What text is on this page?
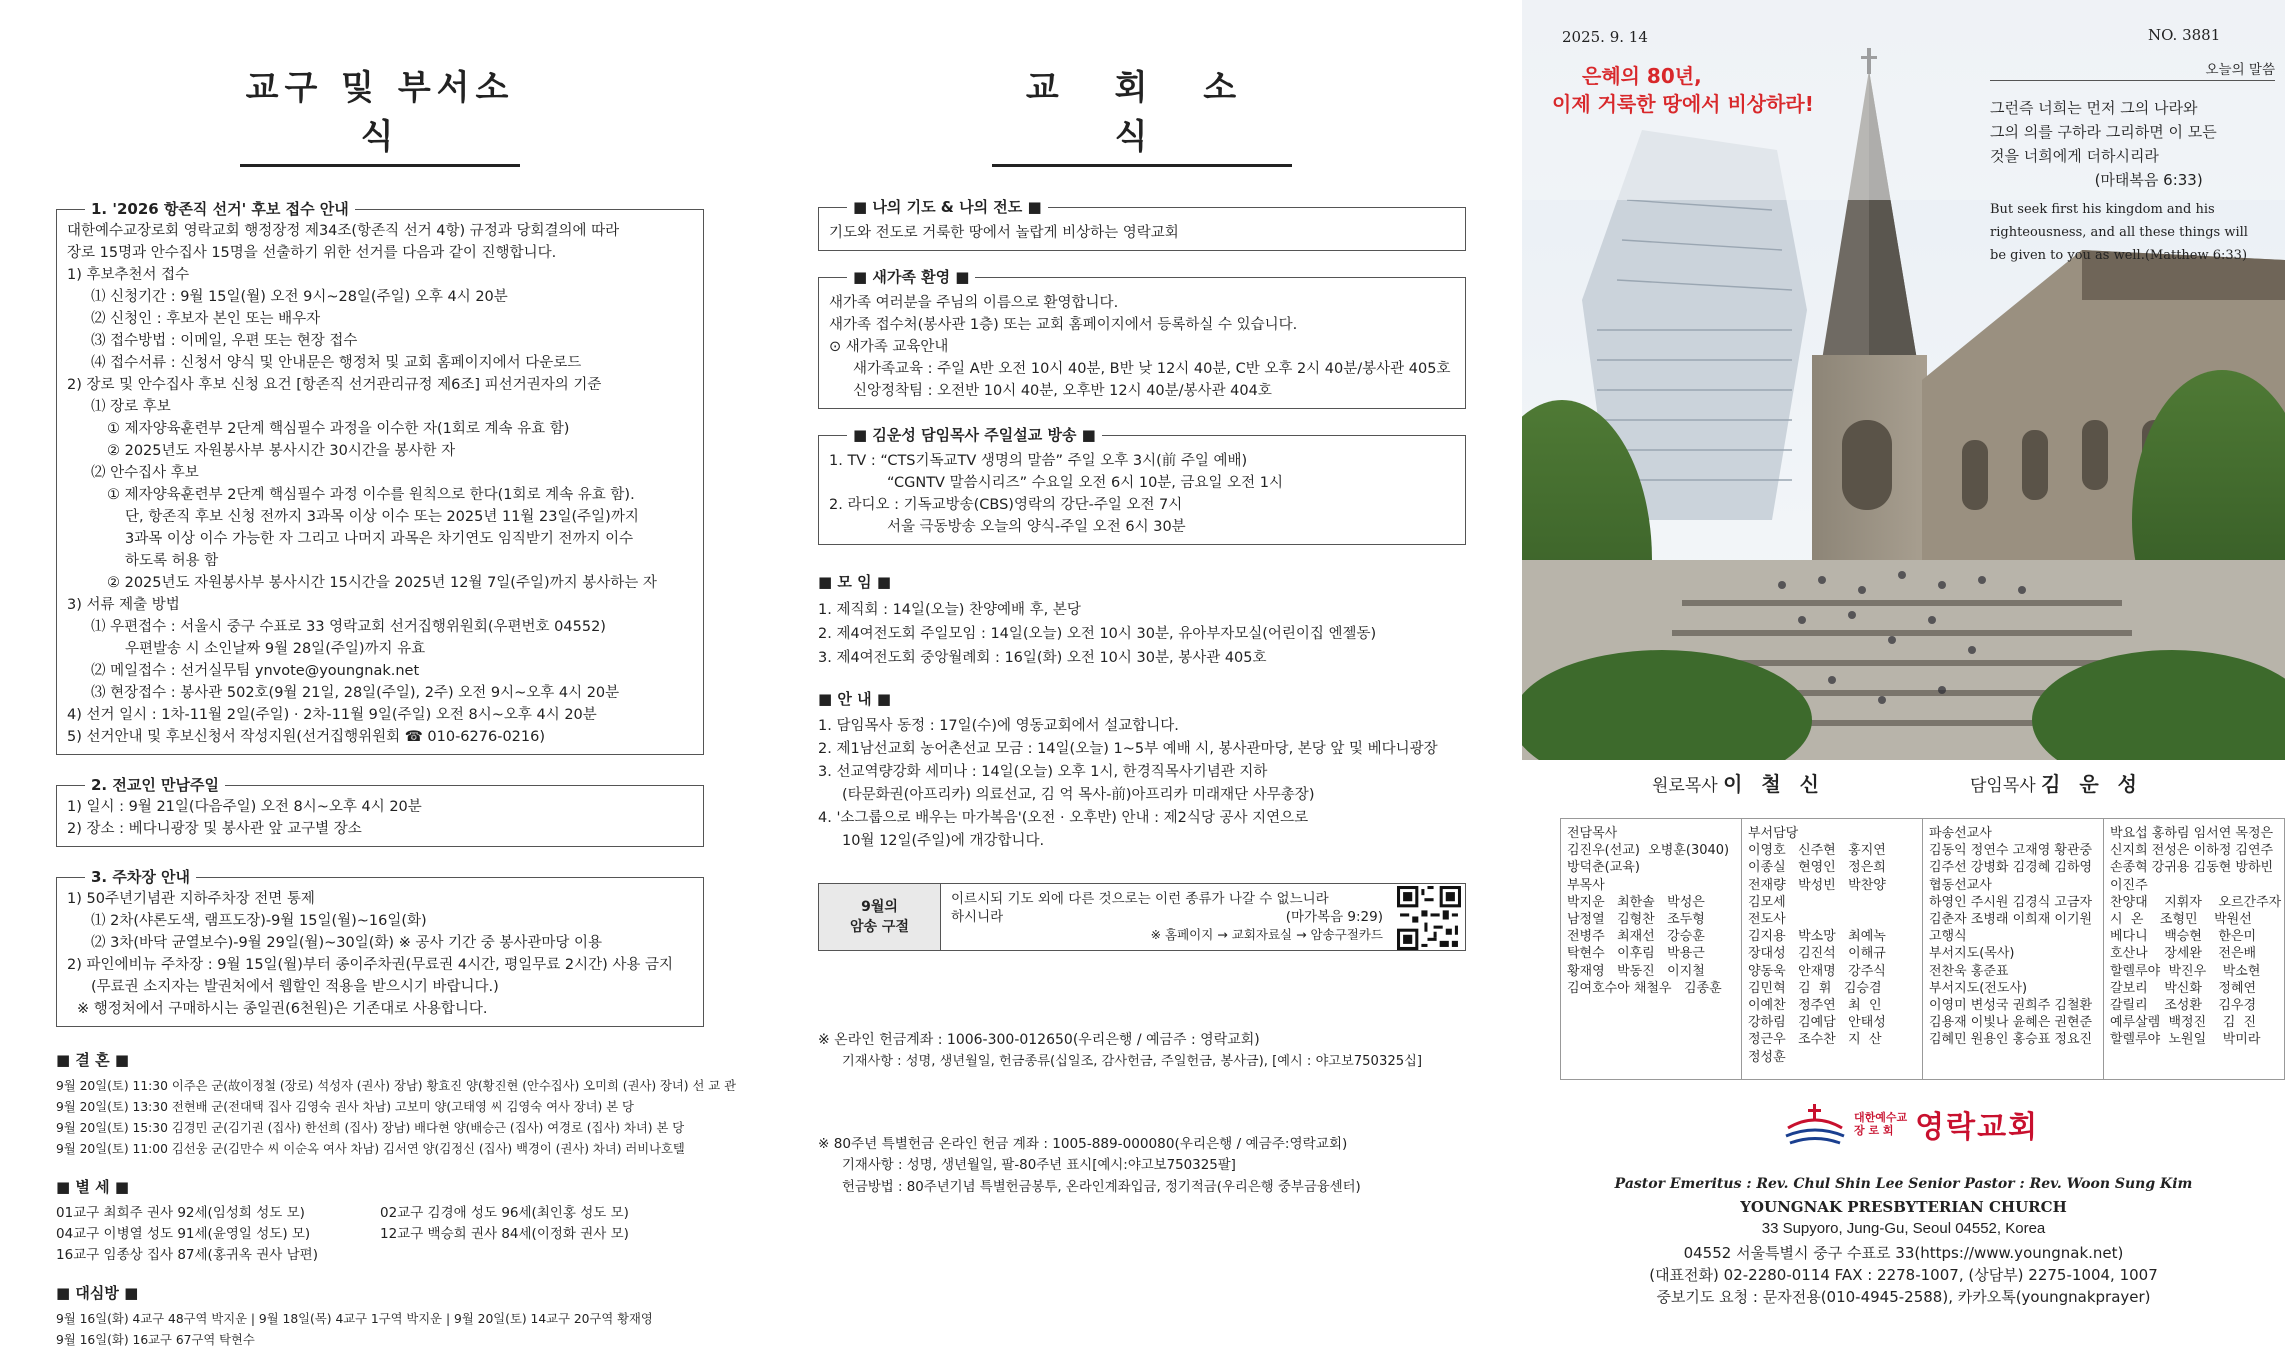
교구 및 부서소식
1. '2026 항존직 선거' 후보 접수 안내
대한예수교장로회 영락교회 행정장정 제34조(항존직 선거 4항) 규정과 당회결의에 따라
장로 15명과 안수집사 15명을 선출하기 위한 선거를 다음과 같이 진행합니다.
1) 후보추천서 접수
⑴ 신청기간 : 9월 15일(월) 오전 9시~28일(주일) 오후 4시 20분
⑵ 신청인 : 후보자 본인 또는 배우자
⑶ 접수방법 : 이메일, 우편 또는 현장 접수
⑷ 접수서류 : 신청서 양식 및 안내문은 행정처 및 교회 홈페이지에서 다운로드
2) 장로 및 안수집사 후보 신청 요건 [항존직 선거관리규정 제6조] 피선거권자의 기준
⑴ 장로 후보
① 제자양육훈련부 2단계 핵심필수 과정을 이수한 자(1회로 계속 유효 함)
② 2025년도 자원봉사부 봉사시간 30시간을 봉사한 자
⑵ 안수집사 후보
① 제자양육훈련부 2단계 핵심필수 과정 이수를 원칙으로 한다(1회로 계속 유효 함).
단, 항존직 후보 신청 전까지 3과목 이상 이수 또는 2025년 11월 23일(주일)까지
3과목 이상 이수 가능한 자 그리고 나머지 과목은 차기연도 임직받기 전까지 이수
하도록 허용 함
② 2025년도 자원봉사부 봉사시간 15시간을 2025년 12월 7일(주일)까지 봉사하는 자
3) 서류 제출 방법
⑴ 우편접수 : 서울시 중구 수표로 33 영락교회 선거집행위원회(우편번호 04552)
우편발송 시 소인날짜 9월 28일(주일)까지 유효
⑵ 메일접수 : 선거실무팀 ynvote@youngnak.net
⑶ 현장접수 : 봉사관 502호(9월 21일, 28일(주일), 2주) 오전 9시~오후 4시 20분
4) 선거 일시 : 1차-11월 2일(주일) · 2차-11월 9일(주일) 오전 8시~오후 4시 20분
5) 선거안내 및 후보신청서 작성지원(선거집행위원회 ☎ 010-6276-0216)
2. 전교인 만남주일
1) 일시 : 9월 21일(다음주일) 오전 8시~오후 4시 20분
2) 장소 : 베다니광장 및 봉사관 앞 교구별 장소
3. 주차장 안내
1) 50주년기념관 지하주차장 전면 통제
⑴ 2차(샤론도색, 램프도장)-9월 15일(월)~16일(화)
⑵ 3차(바닥 균열보수)-9월 29일(월)~30일(화) ※ 공사 기간 중 봉사관마당 이용
2) 파인에비뉴 주차장 : 9월 15일(월)부터 종이주차권(무료권 4시간, 평일무료 2시간) 사용 금지
(무료권 소지자는 발권처에서 웹할인 적용을 받으시기 바랍니다.)
※ 행정처에서 구매하시는 종일권(6천원)은 기존대로 사용합니다.
■ 결 혼 ■
9월 20일(토) 11:30 이주은 군(故이정철 (장로) 석성자 (권사) 장남) 황효진 양(황진현 (안수집사) 오미희 (권사) 장녀) 선 교 관
9월 20일(토) 13:30 전현배 군(전대택 집사 김영숙 권사 차남) 고보미 양(고태영 씨 김영숙 여사 장녀) 본 당
9월 20일(토) 15:30 김경민 군(김기권 (집사) 한선희 (집사) 장남) 배다현 양(배승근 (집사) 여경로 (집사) 차녀) 본 당
9월 20일(토) 11:00 김선웅 군(김만수 씨 이순옥 여사 차남) 김서연 양(김정신 (집사) 백경이 (권사) 차녀) 러비나호텔
■ 별 세 ■
01교구 최희주 권사 92세(임성희 성도 모)	02교구 김경애 성도 96세(최인홍 성도 모)
04교구 이병열 성도 91세(윤영일 성도) 모)	12교구 백승희 권사 84세(이정화 권사 모)
16교구 임종상 집사 87세(홍귀옥 권사 남편)
■ 대심방 ■
9월 16일(화) 4교구 48구역 박지운 | 9월 18일(목) 4교구 1구역 박지운 | 9월 20일(토) 14교구 20구역 황재영
9월 16일(화) 16교구 67구역 탁현수
교 회 소 식
■ 나의 기도 & 나의 전도 ■
기도와 전도로 거룩한 땅에서 놀랍게 비상하는 영락교회
■ 새가족 환영 ■
새가족 여러분을 주님의 이름으로 환영합니다.
새가족 접수처(봉사관 1층) 또는 교회 홈페이지에서 등록하실 수 있습니다.
⊙ 새가족 교육안내
새가족교육 : 주일 A반 오전 10시 40분, B반 낮 12시 40분, C반 오후 2시 40분/봉사관 405호
신앙정착팀 : 오전반 10시 40분, 오후반 12시 40분/봉사관 404호
■ 김운성 담임목사 주일설교 방송 ■
1. TV : “CTS기독교TV 생명의 말씀” 주일 오후 3시(前 주일 예배)
“CGNTV 말씀시리즈” 수요일 오전 6시 10분, 금요일 오전 1시
2. 라디오 : 기독교방송(CBS)영락의 강단-주일 오전 7시
서울 극동방송 오늘의 양식-주일 오전 6시 30분
■ 모 임 ■
1. 제직회 : 14일(오늘) 찬양예배 후, 본당
2. 제4여전도회 주일모임 : 14일(오늘) 오전 10시 30분, 유아부자모실(어린이집 엔젤동)
3. 제4여전도회 중앙월례회 : 16일(화) 오전 10시 30분, 봉사관 405호
■ 안 내 ■
1. 담임목사 동정 : 17일(수)에 영동교회에서 설교합니다.
2. 제1남선교회 농어촌선교 모금 : 14일(오늘) 1~5부 예배 시, 봉사관마당, 본당 앞 및 베다니광장
3. 선교역량강화 세미나 : 14일(오늘) 오후 1시, 한경직목사기념관 지하
(타문화권(아프리카) 의료선교, 김 억 목사-前)아프리카 미래재단 사무총장)
4. '소그룹으로 배우는 마가복음'(오전 · 오후반) 안내 : 제2식당 공사 지연으로
10월 12일(주일)에 개강합니다.
9월의
암송 구절
이르시되 기도 외에 다른 것으로는 이런 종류가 나갈 수 없느니라
하시니라	(마가복음 9:29)
※ 홈페이지 → 교회자료실 → 암송구절카드
※ 온라인 헌금계좌 : 1006-300-012650(우리은행 / 예금주 : 영락교회)
기재사항 : 성명, 생년월일, 헌금종류(십일조, 감사헌금, 주일헌금, 봉사금), [예시 : 야고보750325십]
※ 80주년 특별헌금 온라인 헌금 계좌 : 1005-889-000080(우리은행 / 예금주:영락교회)
기재사항 : 성명, 생년월일, 팔-80주년 표시[예시:야고보750325팔]
헌금방법 : 80주년기념 특별헌금봉투, 온라인계좌입금, 정기적금(우리은행 중부금융센터)
2025. 9. 14	NO. 3881
은혜의 80년,
이제 거룩한 땅에서 비상하라!
오늘의 말씀
그런즉 너희는 먼저 그의 나라와
그의 의를 구하라 그리하면 이 모든
것을 너희에게 더하시리라
(마태복음 6:33)
But seek first his kingdom and his
righteousness, and all these things will
be given to you as well.(Matthew 6:33)
원로목사 이 철 신	담임목사 김 운 성
전담목사
김진우(선교)  오병훈(3040)
방덕춘(교육)
부목사
박지운   최한솔   박성은
남정열   김형찬   조두형
전병주   최재선   강승훈
탁현수   이후림   박용근
황재영   박동진   이지철
김여호수아 채철우   김종훈
부서담당
이영호   신주현   홍지연
이종실   현영인   정은희
전재량   박성빈   박찬양
김모세
전도사
김지용   박소망   최예녹
장대성   김진석   이해규
양동욱   안재명   강주식
김민혁   김  휘   김승겸
이예찬   정주연   최  인
강하림   김예담   안태성
정근우   조수찬   지  산
정성훈
파송선교사
김동익 정연수 고재영 황관중
김주선 강병화 김경혜 김하영
협동선교사
하영인 주시원 김경식 고금자
김춘자 조병래 이희재 이기원
고행식
부서지도(목사)
전찬욱 홍준표
부서지도(전도사)
이영미 변성국 권희주 김철환
김용재 이빛나 윤혜은 권현준
김혜민 원용인 홍승표 정요진
박요섭 홍하림 임서연 목정은
신지희 전성은 이하정 김연주
손종혁 강귀용 김동현 방하빈
이진주
찬양대    지휘자    오르간주자
시  온    조형민    박원선
베다니    백승현    한은미
호산나    장세완    전은배
할렐루야  박진우    박소현
갈보리    박신화    정혜연
갈릴리    조성환    김우경
예루살렘  백정진    김  진
할렐루야  노원일    박미라
대한예수교
장 로 회 영락교회
Pastor Emeritus : Rev. Chul Shin Lee Senior Pastor : Rev. Woon Sung Kim
YOUNGNAK PRESBYTERIAN CHURCH
33 Supyoro, Jung-Gu, Seoul 04552, Korea
04552 서울특별시 중구 수표로 33(https://www.youngnak.net)
(대표전화) 02-2280-0114 FAX : 2278-1007, (상담부) 2275-1004, 1007
중보기도 요청 : 문자전용(010-4945-2588), 카카오톡(youngnakprayer)
